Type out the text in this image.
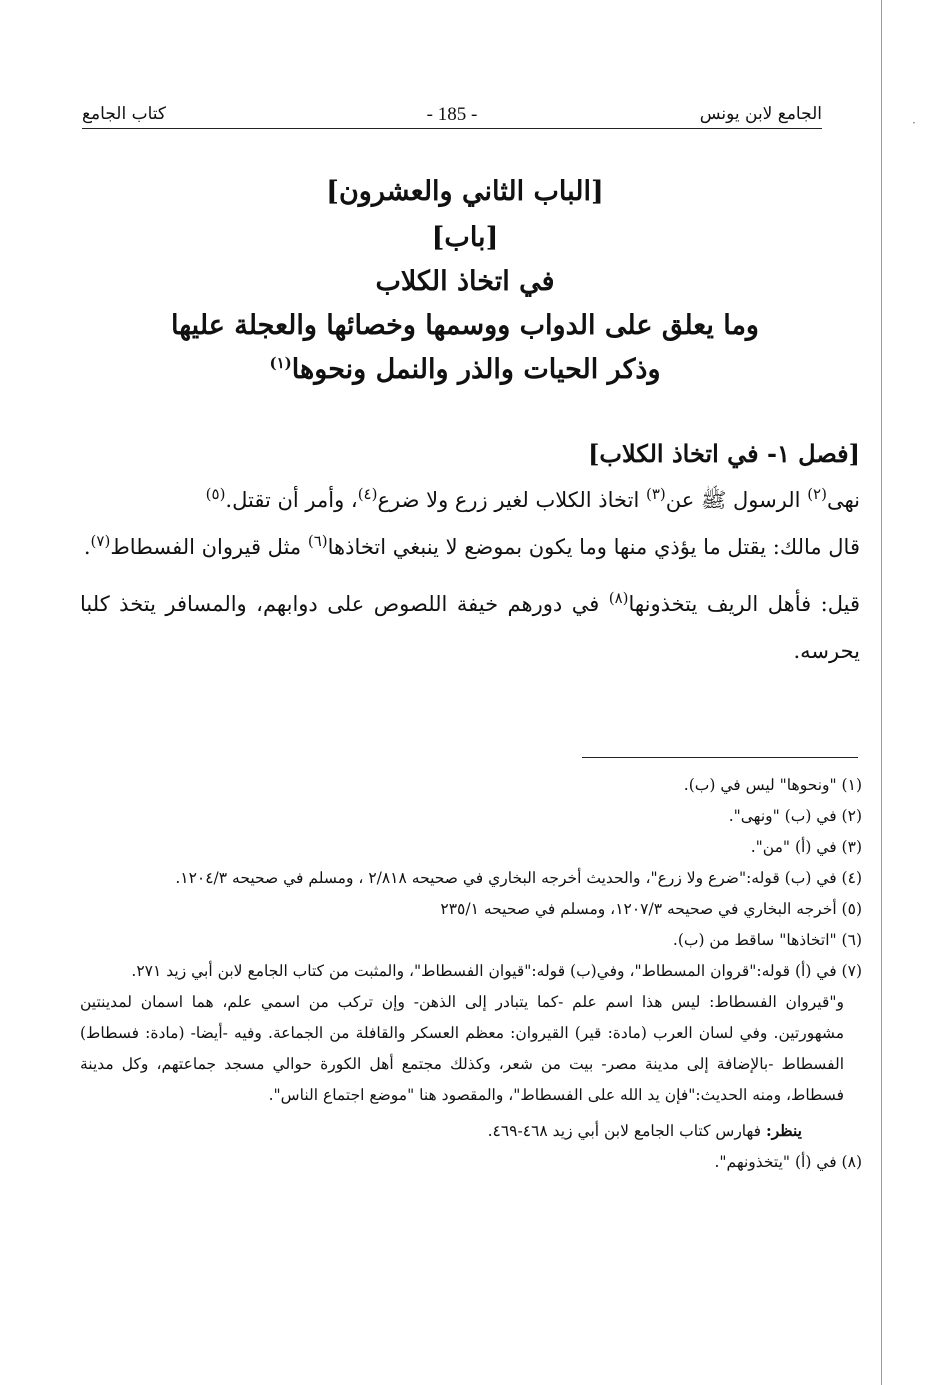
·
الجامع لابن يونس
- 185 -
كتاب الجامع
[الباب الثاني والعشرون]
[باب]
في اتخاذ الكلاب
وما يعلق على الدواب ووسمها وخصائها والعجلة عليها
وذكر الحيات والذر والنمل ونحوها$^{(١)}$

[فصل ١- في اتخاذ الكلاب]

نهى$^{(٢)}$ الرسول ﷺ عن$^{(٣)}$ اتخاذ الكلاب لغير زرع ولا ضرع$^{(٤)}$، وأمر أن تقتل.$^{(٥)}$

قال مالك: يقتل ما يؤذي منها وما يكون بموضع لا ينبغي اتخاذها$^{(٦)}$ مثل قيروان الفسطاط$^{(٧)}$.

قيل: فأهل الريف يتخذونها$^{(٨)}$ في دورهم خيفة اللصوص على دوابهم، والمسافر يتخذ كلبا يحرسه.

(١) "ونحوها" ليس في (ب).

(٢) في (ب) "ونهى".

(٣) في (أ) "من".

(٤) في (ب) قوله:"ضرع ولا زرع"، والحديث أخرجه البخاري في صحيحه ٢/٨١٨ ، ومسلم في صحيحه ١٢٠٤/٣.

(٥) أخرجه البخاري في صحيحه ١٢٠٧/٣، ومسلم في صحيحه ٢٣٥/١

(٦) "اتخاذها" ساقط من (ب).

(٧) في (أ) قوله:"قروان المسطاط"، وفي(ب) قوله:"قيوان الفسطاط"، والمثبت من كتاب الجامع لابن أبي زيد ٢٧١.

و"قيروان الفسطاط: ليس هذا اسم علم -كما يتبادر إلى الذهن- وإن تركب من اسمي علم، هما اسمان لمدينتين مشهورتين. وفي لسان العرب (مادة: قير) القيروان: معظم العسكر والقافلة من الجماعة. وفيه -أيضا- (مادة: فسطاط) الفسطاط -بالإضافة إلى مدينة مصر- بيت من شعر، وكذلك مجتمع أهل الكورة حوالي مسجد جماعتهم، وكل مدينة فسطاط، ومنه الحديث:"فإن يد الله على الفسطاط"، والمقصود هنا "موضع اجتماع الناس".

ينظر: فهارس كتاب الجامع لابن أبي زيد ٤٦٨-٤٦٩.

(٨) في (أ) "يتخذونهم".
